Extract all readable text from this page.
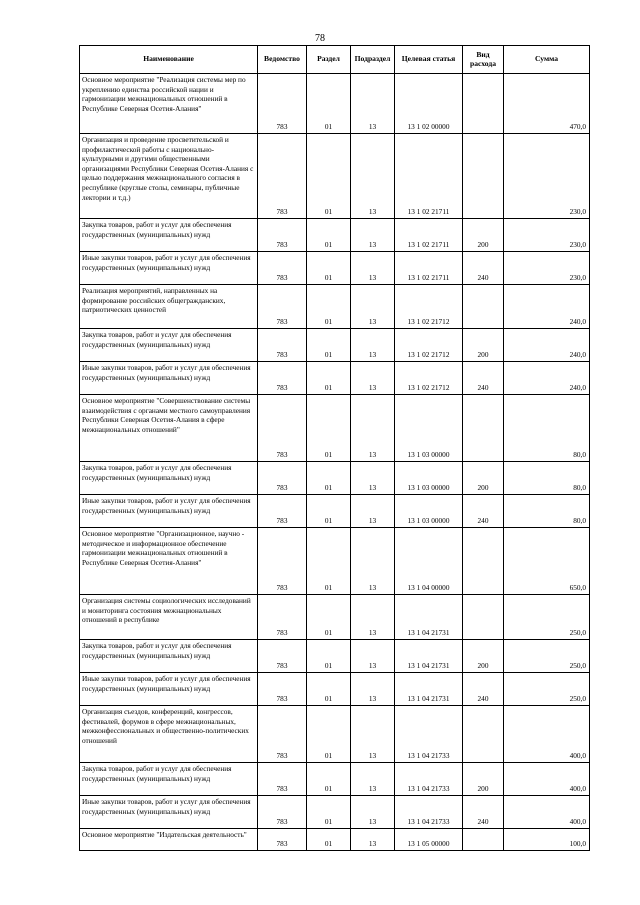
78
Наименование	Ведомство	Раздел	Подраздел	Целевая статья	Вид расхода	Сумма

Основное мероприятие "Реализация системы мер по укреплению единства российской нации и гармонизации межнациональных отношений в Республике Северная Осетия-Алания"	783	01	13	13 1 02 00000		470,0

Организация и проведение просветительской и профилактической работы с национально-культурными и другими общественными организациями Республики Северная Осетия-Алания с целью поддержания межнационального согласия в республике (круглые столы, семинары, публичные лектории и т.д.)	783	01	13	13 1 02 21711		230,0

Закупка товаров, работ и услуг для обеспечения государственных (муниципальных) нужд	783	01	13	13 1 02 21711	200	230,0

Иные закупки товаров, работ и услуг для обеспечения государственных (муниципальных) нужд	783	01	13	13 1 02 21711	240	230,0

Реализация мероприятий, направленных на формирование российских общегражданских, патриотических ценностей	783	01	13	13 1 02 21712		240,0

Закупка товаров, работ и услуг для обеспечения государственных (муниципальных) нужд	783	01	13	13 1 02 21712	200	240,0

Иные закупки товаров, работ и услуг для обеспечения государственных (муниципальных) нужд	783	01	13	13 1 02 21712	240	240,0

Основное мероприятие "Совершенствование системы взаимодействия с органами местного самоуправления Республики Северная Осетия-Алания в сфере межнациональных отношений"	783	01	13	13 1 03 00000		80,0

Закупка товаров, работ и услуг для обеспечения государственных (муниципальных) нужд	783	01	13	13 1 03 00000	200	80,0

Иные закупки товаров, работ и услуг для обеспечения государственных (муниципальных) нужд	783	01	13	13 1 03 00000	240	80,0

Основное мероприятие "Организационное, научно - методическое и информационное обеспечение гармонизации межнациональных отношений в Республике Северная Осетия-Алания"	783	01	13	13 1 04 00000		650,0

Организация системы социологических исследований и мониторинга состояния межнациональных отношений в республике	783	01	13	13 1 04 21731		250,0

Закупка товаров, работ и услуг для обеспечения государственных (муниципальных) нужд	783	01	13	13 1 04 21731	200	250,0

Иные закупки товаров, работ и услуг для обеспечения государственных (муниципальных) нужд	783	01	13	13 1 04 21731	240	250,0

Организация съездов, конференций, конгрессов, фестивалей, форумов в сфере межнациональных, межконфессиональных и общественно-политических отношений	783	01	13	13 1 04 21733		400,0

Закупка товаров, работ и услуг для обеспечения государственных (муниципальных) нужд	783	01	13	13 1 04 21733	200	400,0

Иные закупки товаров, работ и услуг для обеспечения государственных (муниципальных) нужд	783	01	13	13 1 04 21733	240	400,0

Основное мероприятие "Издательская деятельность"	783	01	13	13 1 05 00000		100,0
